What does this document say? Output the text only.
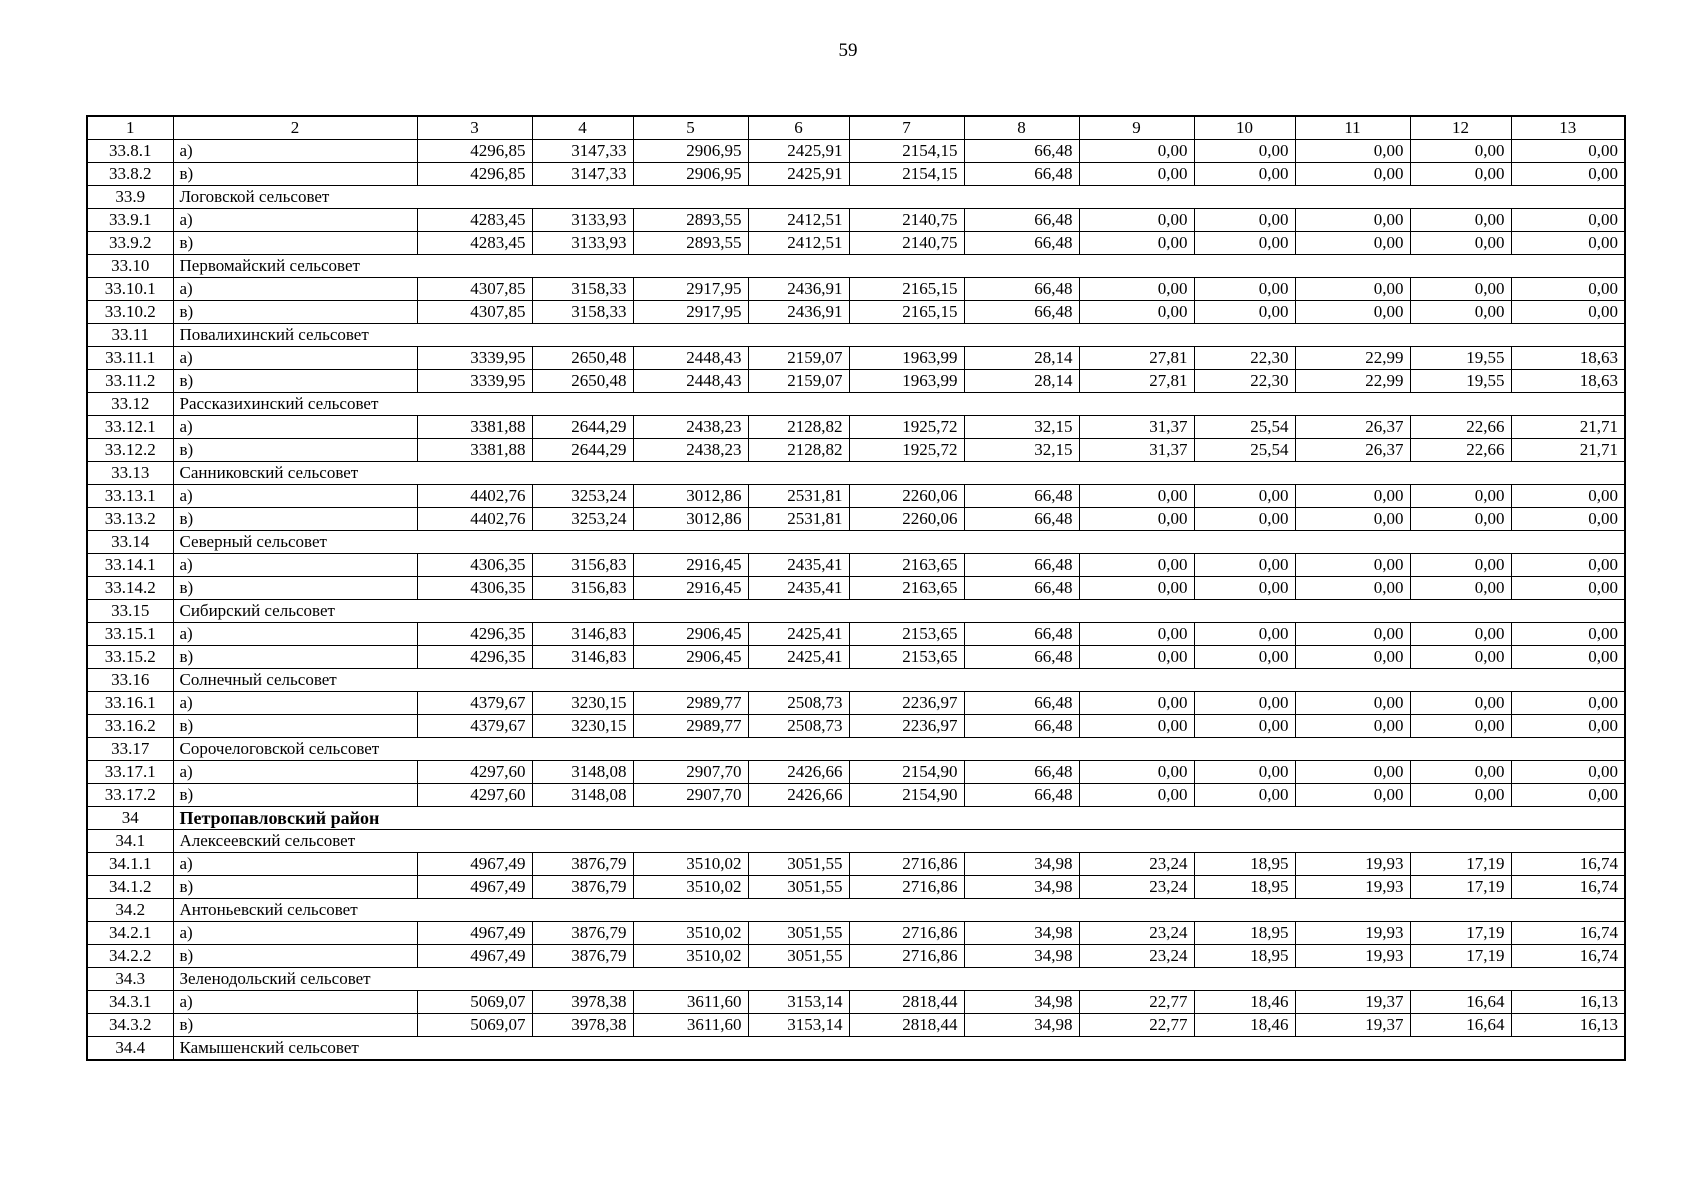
59
1	2	3	4	5	6	7	8	9	10	11	12	13
33.8.1	а)	4296,85	3147,33	2906,95	2425,91	2154,15	66,48	0,00	0,00	0,00	0,00	0,00
33.8.2	в)	4296,85	3147,33	2906,95	2425,91	2154,15	66,48	0,00	0,00	0,00	0,00	0,00
33.9	Логовской сельсовет											
33.9.1	а)	4283,45	3133,93	2893,55	2412,51	2140,75	66,48	0,00	0,00	0,00	0,00	0,00
33.9.2	в)	4283,45	3133,93	2893,55	2412,51	2140,75	66,48	0,00	0,00	0,00	0,00	0,00
33.10	Первомайский сельсовет											
33.10.1	а)	4307,85	3158,33	2917,95	2436,91	2165,15	66,48	0,00	0,00	0,00	0,00	0,00
33.10.2	в)	4307,85	3158,33	2917,95	2436,91	2165,15	66,48	0,00	0,00	0,00	0,00	0,00
33.11	Повалихинский сельсовет											
33.11.1	а)	3339,95	2650,48	2448,43	2159,07	1963,99	28,14	27,81	22,30	22,99	19,55	18,63
33.11.2	в)	3339,95	2650,48	2448,43	2159,07	1963,99	28,14	27,81	22,30	22,99	19,55	18,63
33.12	Рассказихинский сельсовет											
33.12.1	а)	3381,88	2644,29	2438,23	2128,82	1925,72	32,15	31,37	25,54	26,37	22,66	21,71
33.12.2	в)	3381,88	2644,29	2438,23	2128,82	1925,72	32,15	31,37	25,54	26,37	22,66	21,71
33.13	Санниковский сельсовет											
33.13.1	а)	4402,76	3253,24	3012,86	2531,81	2260,06	66,48	0,00	0,00	0,00	0,00	0,00
33.13.2	в)	4402,76	3253,24	3012,86	2531,81	2260,06	66,48	0,00	0,00	0,00	0,00	0,00
33.14	Северный сельсовет											
33.14.1	а)	4306,35	3156,83	2916,45	2435,41	2163,65	66,48	0,00	0,00	0,00	0,00	0,00
33.14.2	в)	4306,35	3156,83	2916,45	2435,41	2163,65	66,48	0,00	0,00	0,00	0,00	0,00
33.15	Сибирский сельсовет											
33.15.1	а)	4296,35	3146,83	2906,45	2425,41	2153,65	66,48	0,00	0,00	0,00	0,00	0,00
33.15.2	в)	4296,35	3146,83	2906,45	2425,41	2153,65	66,48	0,00	0,00	0,00	0,00	0,00
33.16	Солнечный сельсовет											
33.16.1	а)	4379,67	3230,15	2989,77	2508,73	2236,97	66,48	0,00	0,00	0,00	0,00	0,00
33.16.2	в)	4379,67	3230,15	2989,77	2508,73	2236,97	66,48	0,00	0,00	0,00	0,00	0,00
33.17	Сорочелоговской сельсовет											
33.17.1	а)	4297,60	3148,08	2907,70	2426,66	2154,90	66,48	0,00	0,00	0,00	0,00	0,00
33.17.2	в)	4297,60	3148,08	2907,70	2426,66	2154,90	66,48	0,00	0,00	0,00	0,00	0,00
34	Петропавловский район											
34.1	Алексеевский сельсовет											
34.1.1	а)	4967,49	3876,79	3510,02	3051,55	2716,86	34,98	23,24	18,95	19,93	17,19	16,74
34.1.2	в)	4967,49	3876,79	3510,02	3051,55	2716,86	34,98	23,24	18,95	19,93	17,19	16,74
34.2	Антоньевский сельсовет											
34.2.1	а)	4967,49	3876,79	3510,02	3051,55	2716,86	34,98	23,24	18,95	19,93	17,19	16,74
34.2.2	в)	4967,49	3876,79	3510,02	3051,55	2716,86	34,98	23,24	18,95	19,93	17,19	16,74
34.3	Зеленодольский сельсовет											
34.3.1	а)	5069,07	3978,38	3611,60	3153,14	2818,44	34,98	22,77	18,46	19,37	16,64	16,13
34.3.2	в)	5069,07	3978,38	3611,60	3153,14	2818,44	34,98	22,77	18,46	19,37	16,64	16,13
34.4	Камышенский сельсовет											
